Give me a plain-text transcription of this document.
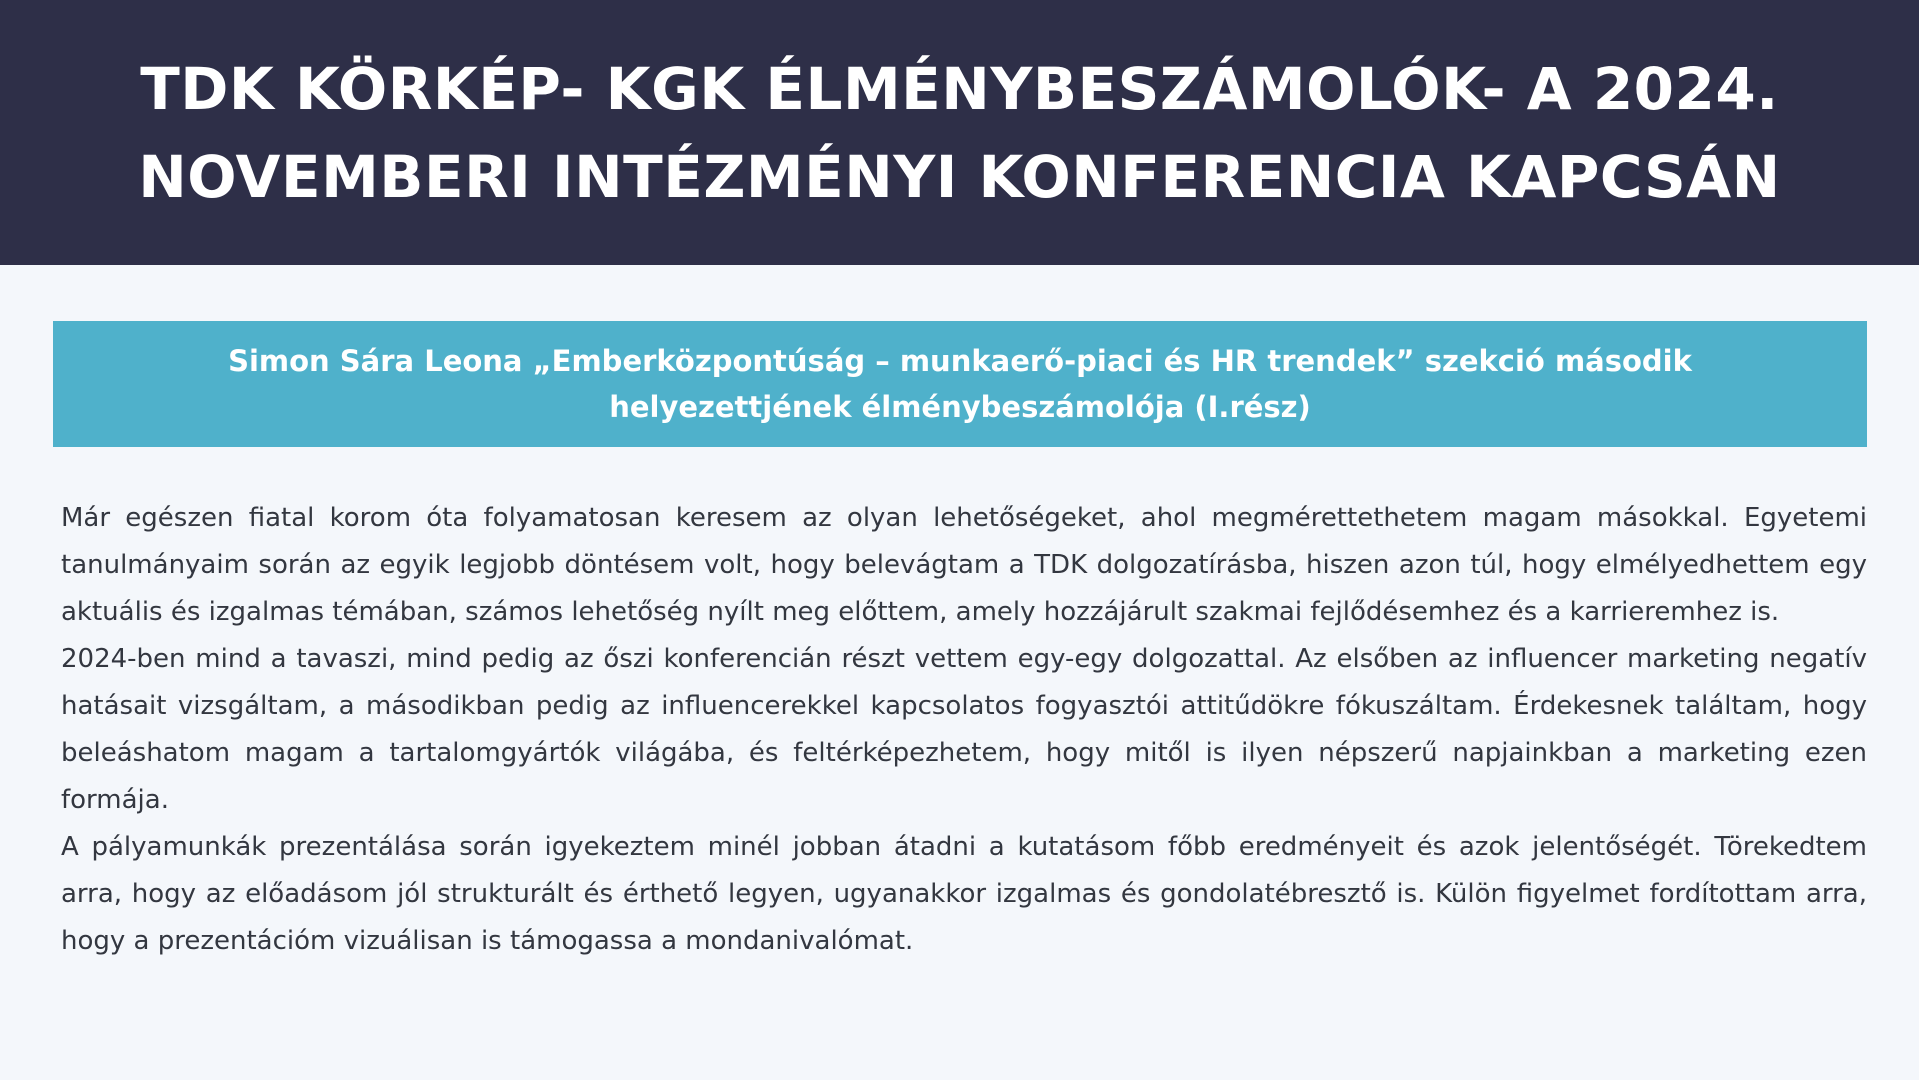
TDK KÖRKÉP- KGK ÉLMÉNYBESZÁMOLÓK- A 2024.
NOVEMBERI INTÉZMÉNYI KONFERENCIA KAPCSÁN
Simon Sára Leona „Emberközpontúság – munkaerő-piaci és HR trendek” szekció második
helyezettjének élménybeszámolója (I.rész)

Már egészen fiatal korom óta folyamatosan keresem az olyan lehetőségeket, ahol megmérettethetem magam másokkal. Egyetemi tanulmányaim során az egyik legjobb döntésem volt, hogy belevágtam a TDK dolgozatírásba, hiszen azon túl, hogy elmélyedhettem egy aktuális és izgalmas témában, számos lehetőség nyílt meg előttem, amely hozzájárult szakmai fejlődésemhez és a karrieremhez is.

2024-ben mind a tavaszi, mind pedig az őszi konferencián részt vettem egy-egy dolgozattal. Az elsőben az influencer marketing negatív hatásait vizsgáltam, a másodikban pedig az influencerekkel kapcsolatos fogyasztói attitűdökre fókuszáltam. Érdekesnek találtam, hogy beleáshatom magam a tartalomgyártók világába, és feltérképezhetem, hogy mitől is ilyen népszerű napjainkban a marketing ezen formája.

A pályamunkák prezentálása során igyekeztem minél jobban átadni a kutatásom főbb eredményeit és azok jelentőségét. Törekedtem arra, hogy az előadásom jól strukturált és érthető legyen, ugyanakkor izgalmas és gondolatébresztő is. Külön figyelmet fordítottam arra, hogy a prezentációm vizuálisan is támogassa a mondanivalómat.
